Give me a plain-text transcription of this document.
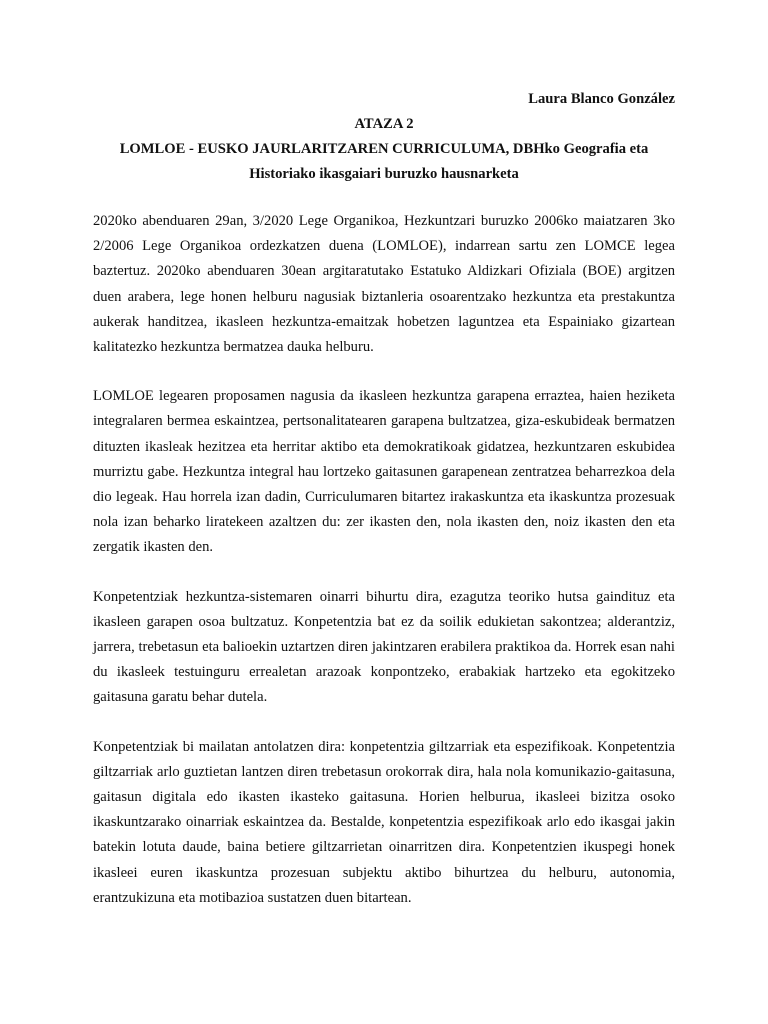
Laura Blanco González

ATAZA 2

LOMLOE - EUSKO JAURLARITZAREN CURRICULUMA, DBHko Geografia eta
Historiako ikasgaiari buruzko hausnarketa

2020ko abenduaren 29an, 3/2020 Lege Organikoa, Hezkuntzari buruzko 2006ko maiatzaren 3ko 2/2006 Lege Organikoa ordezkatzen duena (LOMLOE), indarrean sartu zen LOMCE legea baztertuz. 2020ko abenduaren 30ean argitaratutako Estatuko Aldizkari Ofiziala (BOE) argitzen duen arabera, lege honen helburu nagusiak biztanleria osoarentzako hezkuntza eta prestakuntza aukerak handitzea, ikasleen hezkuntza-emaitzak hobetzen laguntzea eta Espainiako gizartean kalitatezko hezkuntza bermatzea dauka helburu.

LOMLOE legearen proposamen nagusia da ikasleen hezkuntza garapena erraztea, haien heziketa integralaren bermea eskaintzea, pertsonalitatearen garapena bultzatzea, giza-eskubideak bermatzen dituzten ikasleak hezitzea eta herritar aktibo eta demokratikoak gidatzea, hezkuntzaren eskubidea murriztu gabe. Hezkuntza integral hau lortzeko gaitasunen garapenean zentratzea beharrezkoa dela dio legeak. Hau horrela izan dadin, Curriculumaren bitartez irakaskuntza eta ikaskuntza prozesuak nola izan beharko liratekeen azaltzen du: zer ikasten den, nola ikasten den, noiz ikasten den eta zergatik ikasten den.

Konpetentziak hezkuntza-sistemaren oinarri bihurtu dira, ezagutza teoriko hutsa gaindituz eta ikasleen garapen osoa bultzatuz. Konpetentzia bat ez da soilik edukietan sakontzea; alderantziz, jarrera, trebetasun eta balioekin uztartzen diren jakintzaren erabilera praktikoa da. Horrek esan nahi du ikasleek testuinguru errealetan arazoak konpontzeko, erabakiak hartzeko eta egokitzeko gaitasuna garatu behar dutela.

Konpetentziak bi mailatan antolatzen dira: konpetentzia giltzarriak eta espezifikoak. Konpetentzia giltzarriak arlo guztietan lantzen diren trebetasun orokorrak dira, hala nola komunikazio-gaitasuna, gaitasun digitala edo ikasten ikasteko gaitasuna. Horien helburua, ikasleei bizitza osoko ikaskuntzarako oinarriak eskaintzea da. Bestalde, konpetentzia espezifikoak arlo edo ikasgai jakin batekin lotuta daude, baina betiere giltzarrietan oinarritzen dira. Konpetentzien ikuspegi honek ikasleei euren ikaskuntza prozesuan subjektu aktibo bihurtzea du helburu, autonomia, erantzukizuna eta motibazioa sustatzen duen bitartean.
